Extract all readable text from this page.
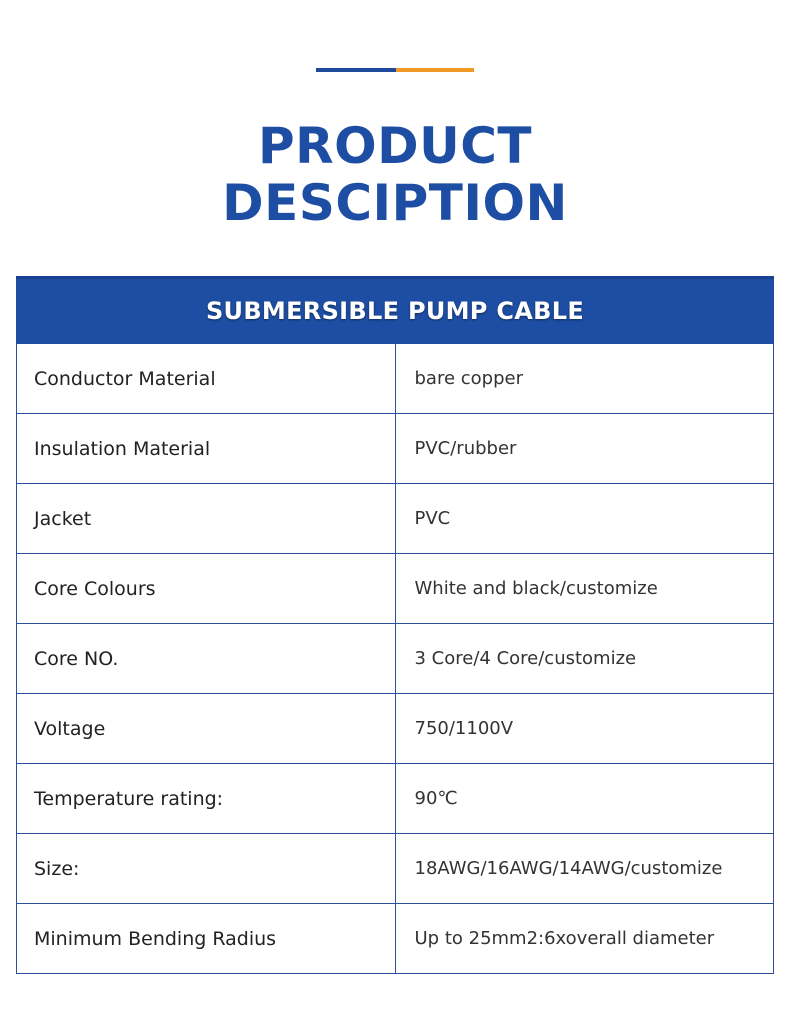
PRODUCT
DESCIPTION
SUBMERSIBLE PUMP CABLE	
Conductor Material	bare copper
Insulation Material	PVC/rubber
Jacket	PVC
Core Colours	White and black/customize
Core NO.	3 Core/4 Core/customize
Voltage	750/1100V
Temperature rating:	90℃
Size:	18AWG/16AWG/14AWG/customize
Minimum Bending Radius	Up to 25mm2:6xoverall diameter
